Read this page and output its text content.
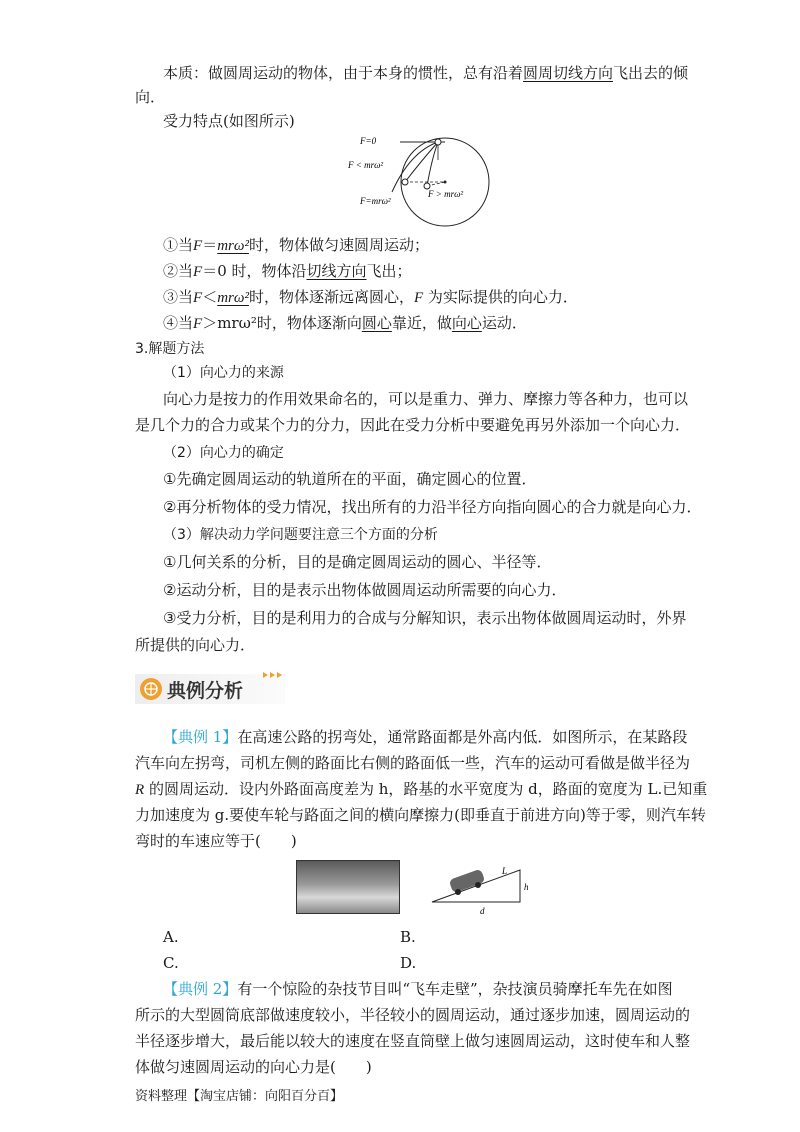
本质：做圆周运动的物体，由于本身的惯性，总有沿着圆周切线方向飞出去的倾
向．
受力特点(如图所示)
F=0
F < mrω²
F > mrω²
F=mrω²
①当F＝mrω²时，物体做匀速圆周运动；
②当F＝0 时，物体沿切线方向飞出；
③当F＜mrω²时，物体逐渐远离圆心，F 为实际提供的向心力．
④当F＞mrω²时，物体逐渐向圆心靠近，做向心运动．
3.解题方法
（1）向心力的来源
向心力是按力的作用效果命名的，可以是重力、弹力、摩擦力等各种力，也可以
是几个力的合力或某个力的分力，因此在受力分析中要避免再另外添加一个向心力．
（2）向心力的确定
①先确定圆周运动的轨道所在的平面，确定圆心的位置．
②再分析物体的受力情况，找出所有的力沿半径方向指向圆心的合力就是向心力．
（3）解决动力学问题要注意三个方面的分析
①几何关系的分析，目的是确定圆周运动的圆心、半径等．
②运动分析，目的是表示出物体做圆周运动所需要的向心力．
③受力分析，目的是利用力的合成与分解知识，表示出物体做圆周运动时，外界
所提供的向心力．
典例分析
【典例 1】在高速公路的拐弯处，通常路面都是外高内低．如图所示，在某路段
汽车向左拐弯，司机左侧的路面比右侧的路面低一些，汽车的运动可看做是做半径为
R 的圆周运动．设内外路面高度差为 h，路基的水平宽度为 d，路面的宽度为 L.已知重
力加速度为 g.要使车轮与路面之间的横向摩擦力(即垂直于前进方向)等于零，则汽车转
弯时的车速应等于(　　)
L
h
d
A.	B.
C.	D.
【典例 2】有一个惊险的杂技节目叫“飞车走壁”，杂技演员骑摩托车先在如图
所示的大型圆筒底部做速度较小，半径较小的圆周运动，通过逐步加速，圆周运动的
半径逐步增大，最后能以较大的速度在竖直筒壁上做匀速圆周运动，这时使车和人整
体做匀速圆周运动的向心力是(　　)
资料整理【淘宝店铺：向阳百分百】
